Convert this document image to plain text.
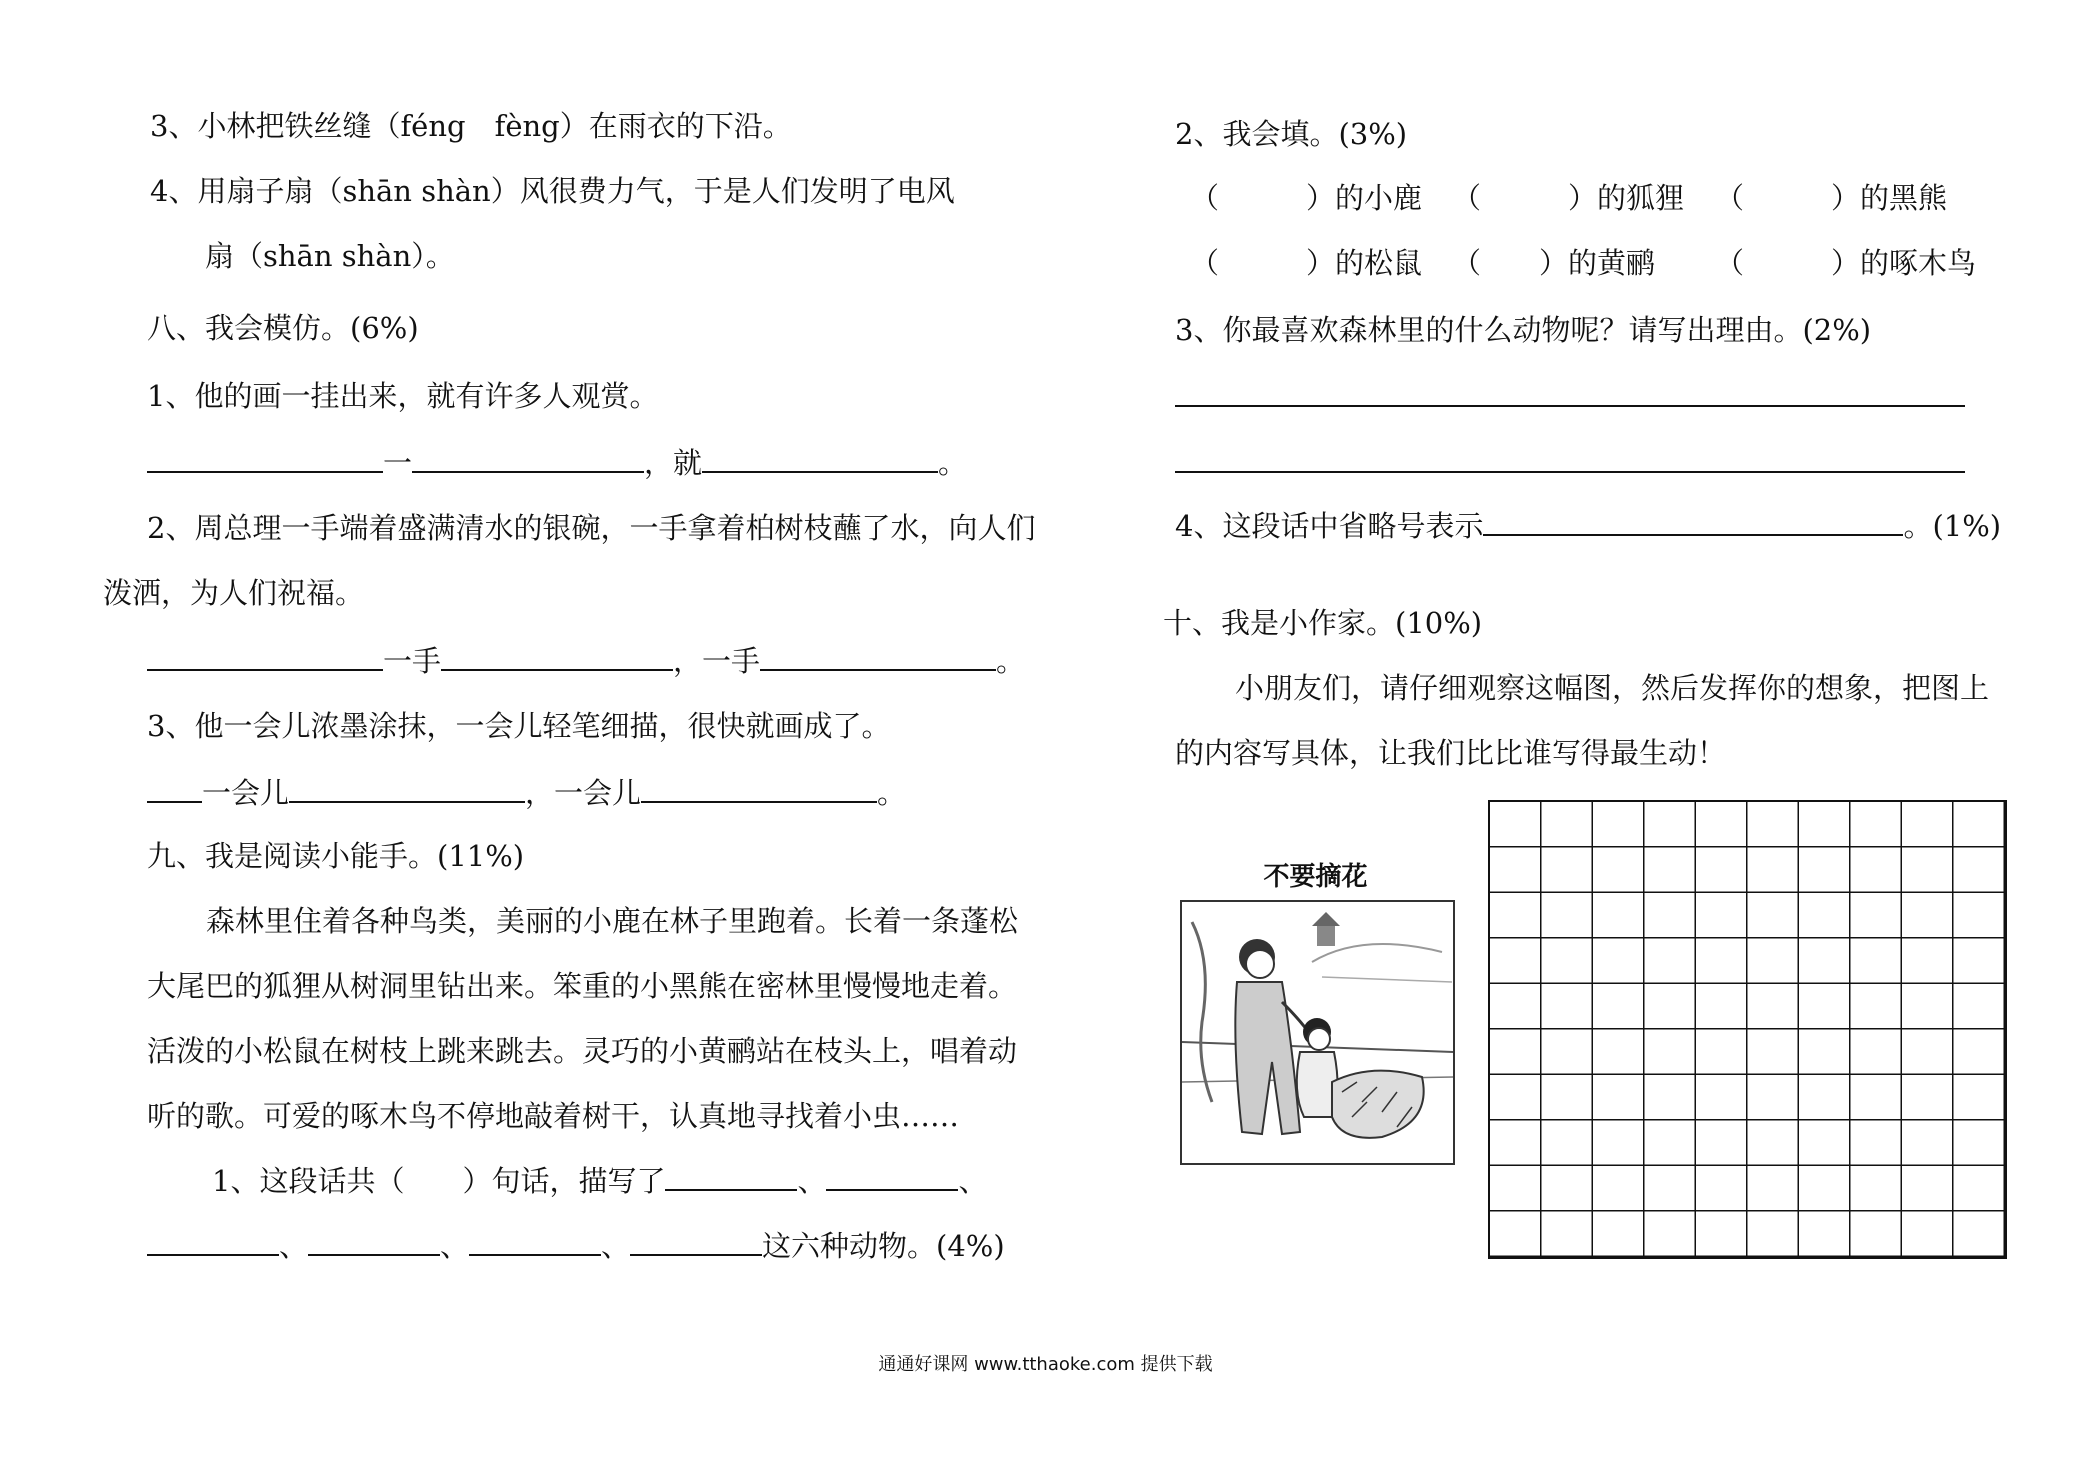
3、小林把铁丝缝（féng　fèng）在雨衣的下沿。
4、用扇子扇（shān shàn）风很费力气，于是人们发明了电风
扇（shān shàn）。
八、我会模仿。(6%)
1、他的画一挂出来，就有许多人观赏。
一	，就	。
2、周总理一手端着盛满清水的银碗，一手拿着柏树枝蘸了水，向人们
泼洒，为人们祝福。
一手	，一手	。
3、他一会儿浓墨涂抹，一会儿轻笔细描，很快就画成了。
一会儿	，一会儿	。
九、我是阅读小能手。(11%)
森林里住着各种鸟类，美丽的小鹿在林子里跑着。长着一条蓬松
大尾巴的狐狸从树洞里钻出来。笨重的小黑熊在密林里慢慢地走着。
活泼的小松鼠在树枝上跳来跳去。灵巧的小黄鹂站在枝头上，唱着动
听的歌。可爱的啄木鸟不停地敲着树干，认真地寻找着小虫……
1、这段话共（　　）句话，描写了	、	、
、	、	、	这六种动物。(4%)
2、我会填。(3%)
（　　　）的小鹿 （　　　）的狐狸 （　　　）的黑熊
（　　　）的松鼠 （　　）的黄鹂 （　　　）的啄木鸟
3、你最喜欢森林里的什么动物呢？请写出理由。(2%)
4、这段话中省略号表示	。(1%)
十、我是小作家。(10%)
小朋友们，请仔细观察这幅图，然后发挥你的想象，把图上
的内容写具体，让我们比比谁写得最生动！
不要摘花
通通好课网 www.tthaoke.com 提供下载
